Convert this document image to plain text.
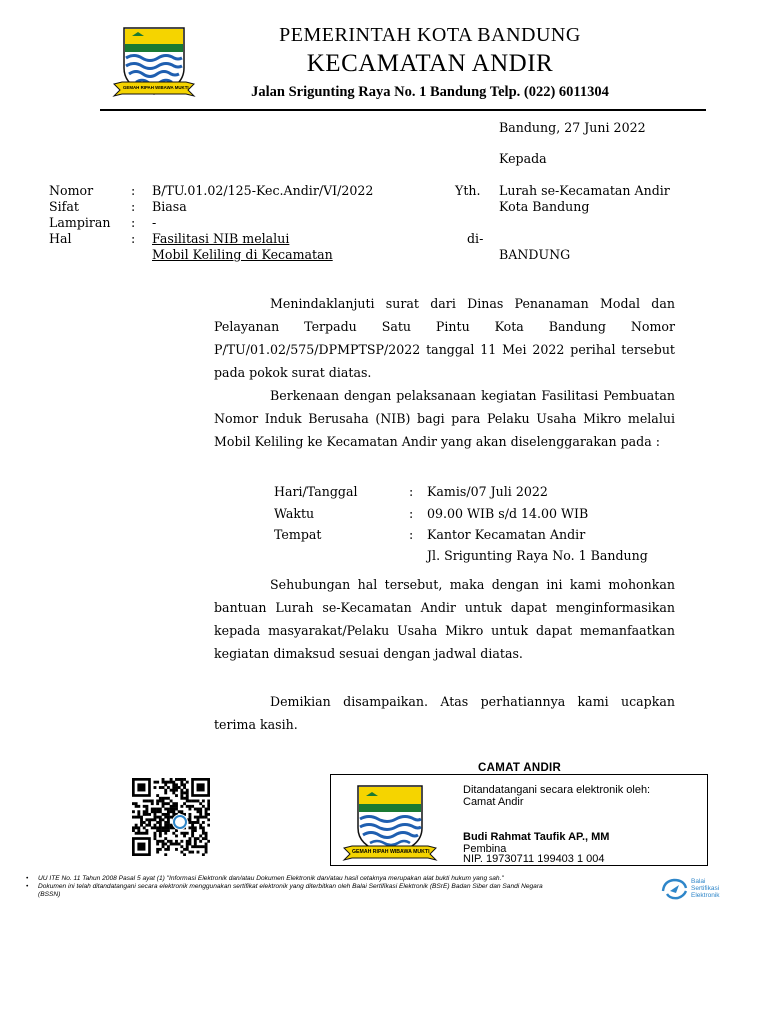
GEMAH RIPAH WIBAWA MUKTI
PEMERINTAH KOTA BANDUNG
KECAMATAN ANDIR
Jalan Srigunting Raya No. 1 Bandung Telp. (022) 6011304
Bandung, 27 Juni 2022
Kepada
Nomor	: B/TU.01.02/125-Kec.Andir/VI/2022
Sifat	: Biasa
Lampiran : -
Hal	: Fasilitasi NIB melalui
Mobil Keliling di Kecamatan
Yth. Lurah se-Kecamatan Andir
Kota Bandung
di-
BANDUNG
Menindaklanjuti surat dari Dinas Penanaman Modal dan Pelayanan Terpadu Satu Pintu Kota Bandung Nomor P/TU/01.02/575/DPMPTSP/2022 tanggal 11 Mei 2022 perihal tersebut pada pokok surat diatas.
Berkenaan dengan pelaksanaan kegiatan Fasilitasi Pembuatan Nomor Induk Berusaha (NIB) bagi para Pelaku Usaha Mikro melalui Mobil Keliling ke Kecamatan Andir yang akan diselenggarakan pada :
Hari/Tanggal	: Kamis/07 Juli 2022
Waktu	: 09.00 WIB s/d 14.00 WIB
Tempat	: Kantor Kecamatan Andir
Jl. Srigunting Raya No. 1 Bandung
Sehubungan hal tersebut, maka dengan ini kami mohonkan bantuan Lurah se-Kecamatan Andir untuk dapat menginformasikan kepada masyarakat/Pelaku Usaha Mikro untuk dapat memanfaatkan kegiatan dimaksud sesuai dengan jadwal diatas.
Demikian disampaikan. Atas perhatiannya kami ucapkan terima kasih.
CAMAT ANDIR
GEMAH RIPAH WIBAWA MUKTI
Ditandatangani secara elektronik oleh:
Camat Andir
Budi Rahmat Taufik AP., MM
Pembina
NIP. 19730711 199403 1 004
• UU ITE No. 11 Tahun 2008 Pasal 5 ayat (1) "Informasi Elektronik dan/atau Dokumen Elektronik dan/atau hasil cetaknya merupakan alat bukti hukum yang sah."
• Dokumen ini telah ditandatangani secara elektronik menggunakan sertifikat elektronik yang diterbitkan oleh Balai Sertifikasi Elektronik (BSrE) Badan Siber dan Sandi Negara
(BSSN)
Balai
Sertifikasi
Elektronik
